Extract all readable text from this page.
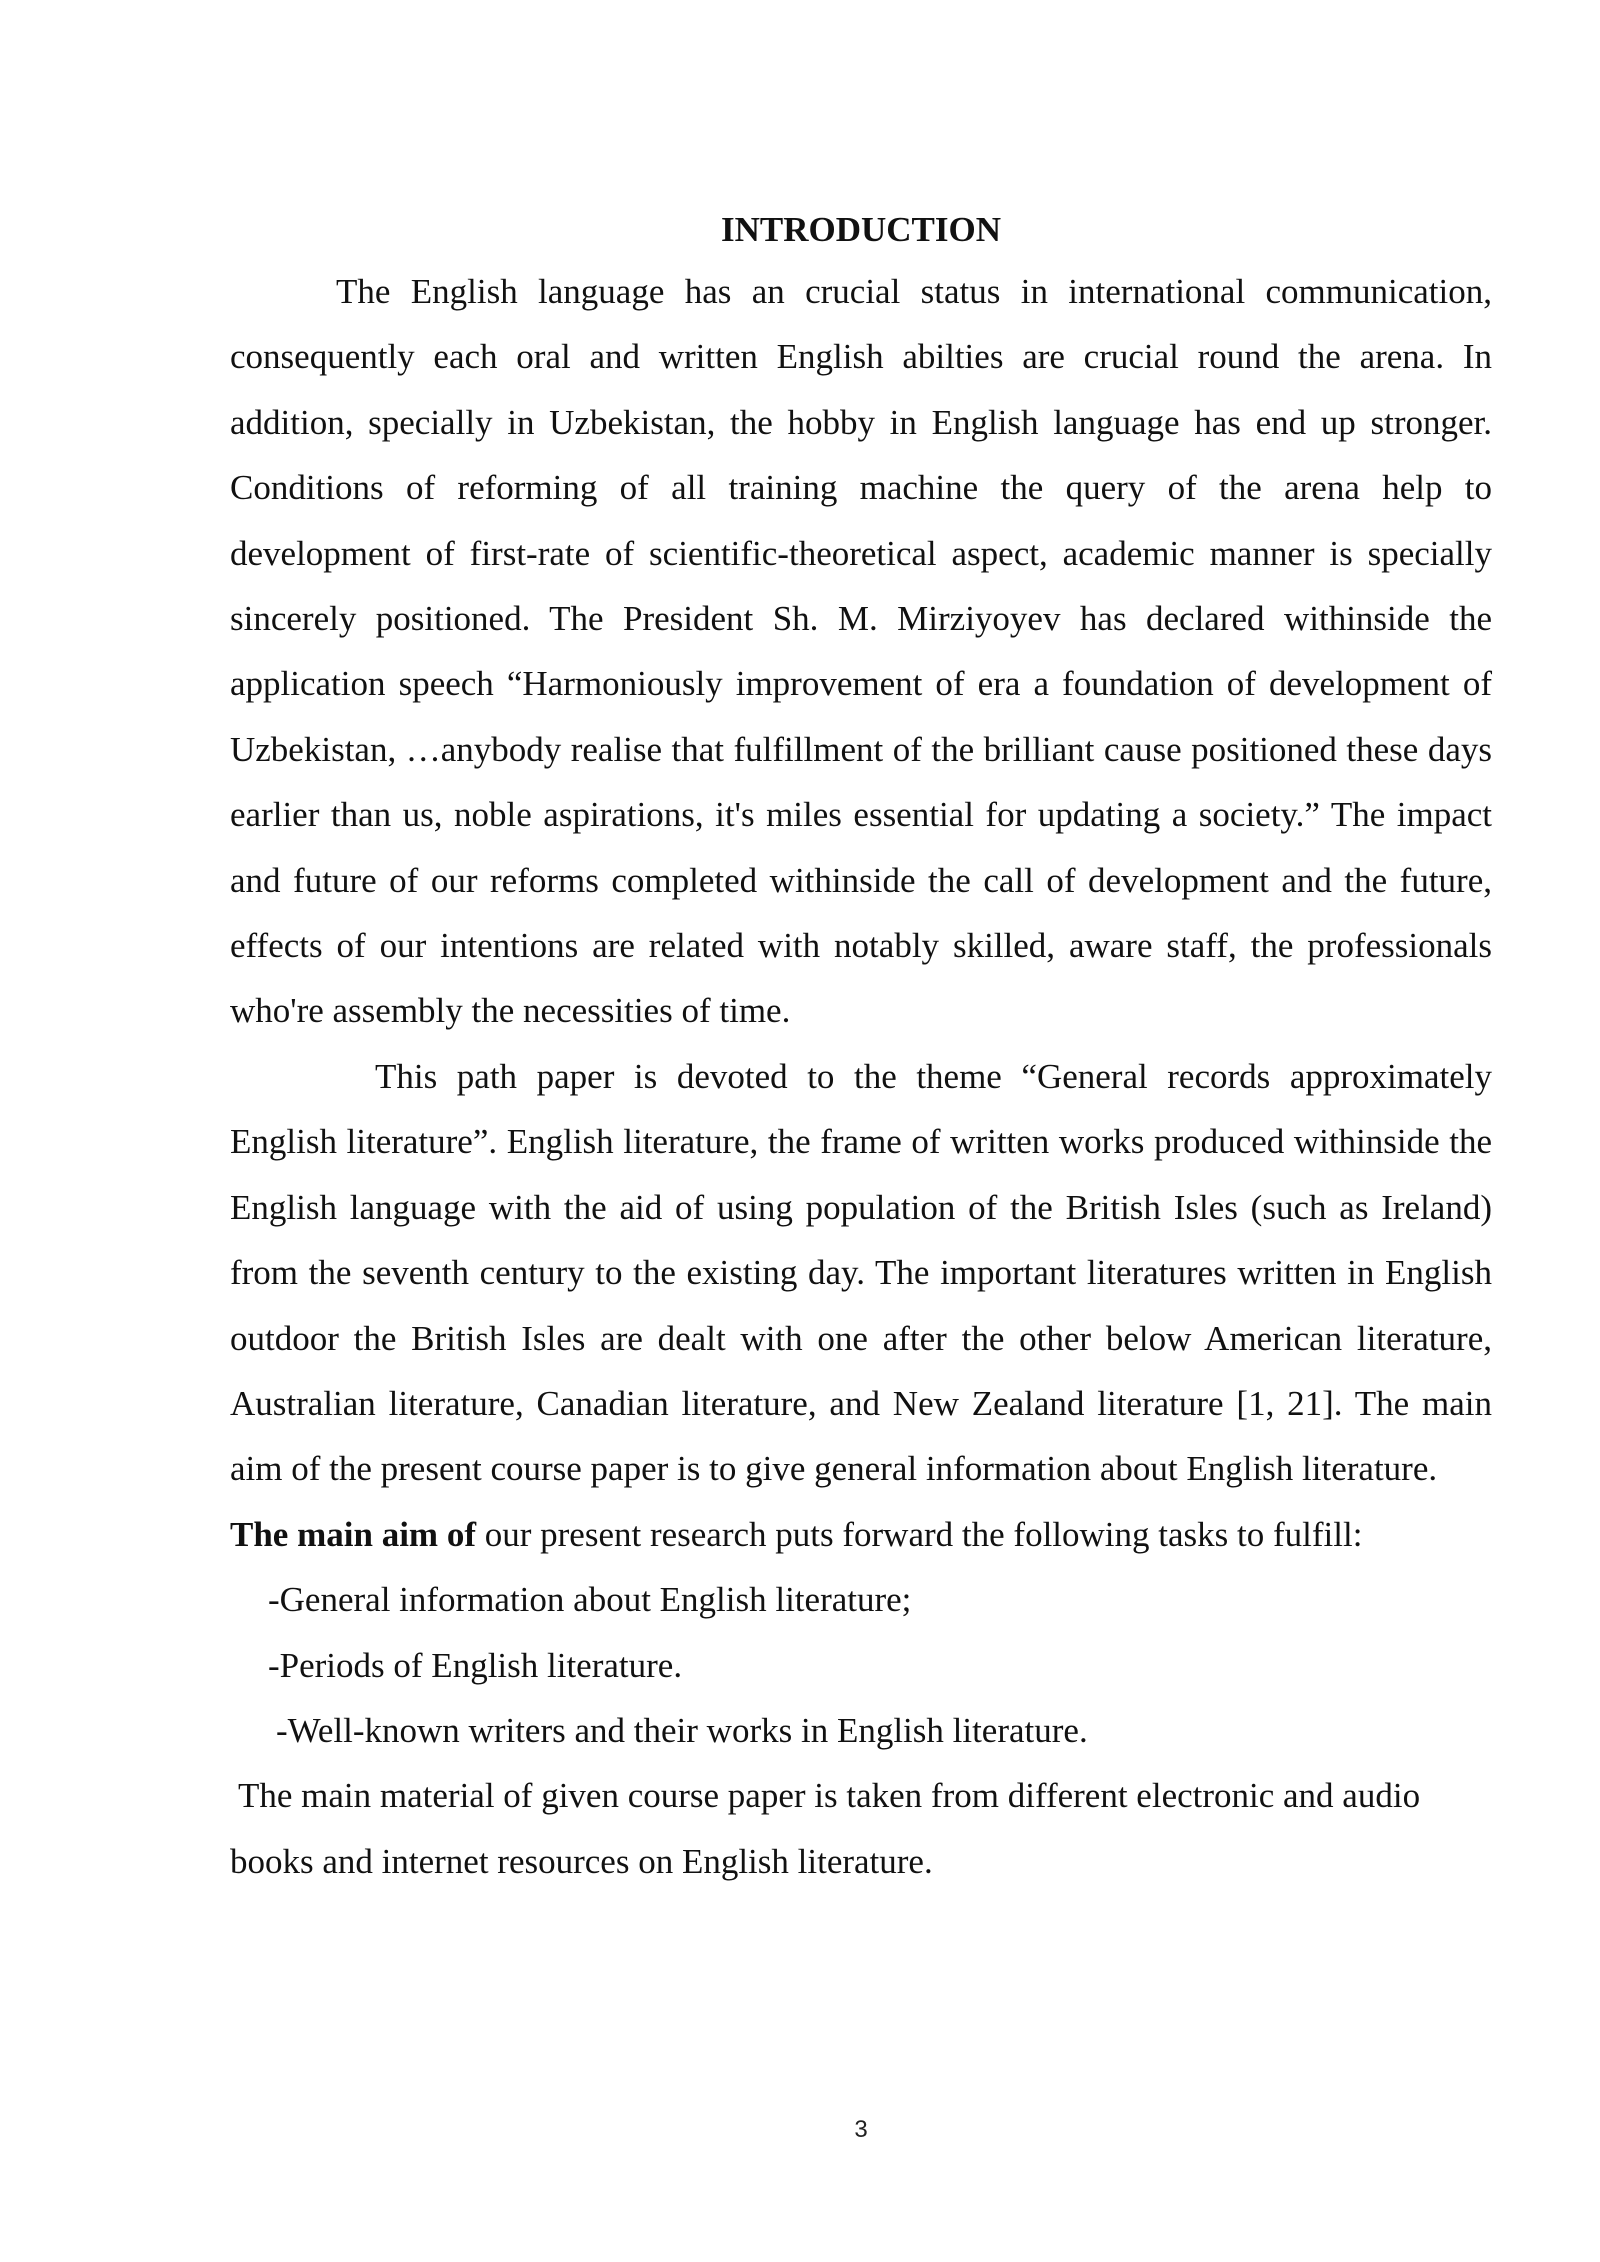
INTRODUCTION

The English language has an crucial status in international communication, consequently each oral and written English abilties are crucial round the arena. In addition, specially in Uzbekistan, the hobby in English language has end up stronger. Conditions of reforming of all training machine the query of the arena help to development of first-rate of scientific-theoretical aspect, academic manner is specially sincerely positioned. The President Sh. M. Mirziyoyev has declared withinside the application speech “Harmoniously improvement of era a foundation of development of Uzbekistan, …anybody realise that fulfillment of the brilliant cause positioned these days earlier than us, noble aspirations, it's miles essential for updating a society.” The impact and future of our reforms completed withinside the call of development and the future, effects of our intentions are related with notably skilled, aware staff, the professionals who're assembly the necessities of time.

This path paper is devoted to the theme “General records approximately English literature”. English literature, the frame of written works produced withinside the English language with the aid of using population of the British Isles (such as Ireland) from the seventh century to the existing day. The important literatures written in English outdoor the British Isles are dealt with one after the other below American literature, Australian literature, Canadian literature, and New Zealand literature [1, 21]. The main aim of the present course paper is to give general information about English literature.

The main aim of our present research puts forward the following tasks to fulfill:

-General information about English literature;

-Periods of English literature.

-Well-known writers and their works in English literature.

The main material of given course paper is taken from different electronic and audio books and internet resources on English literature.

3
